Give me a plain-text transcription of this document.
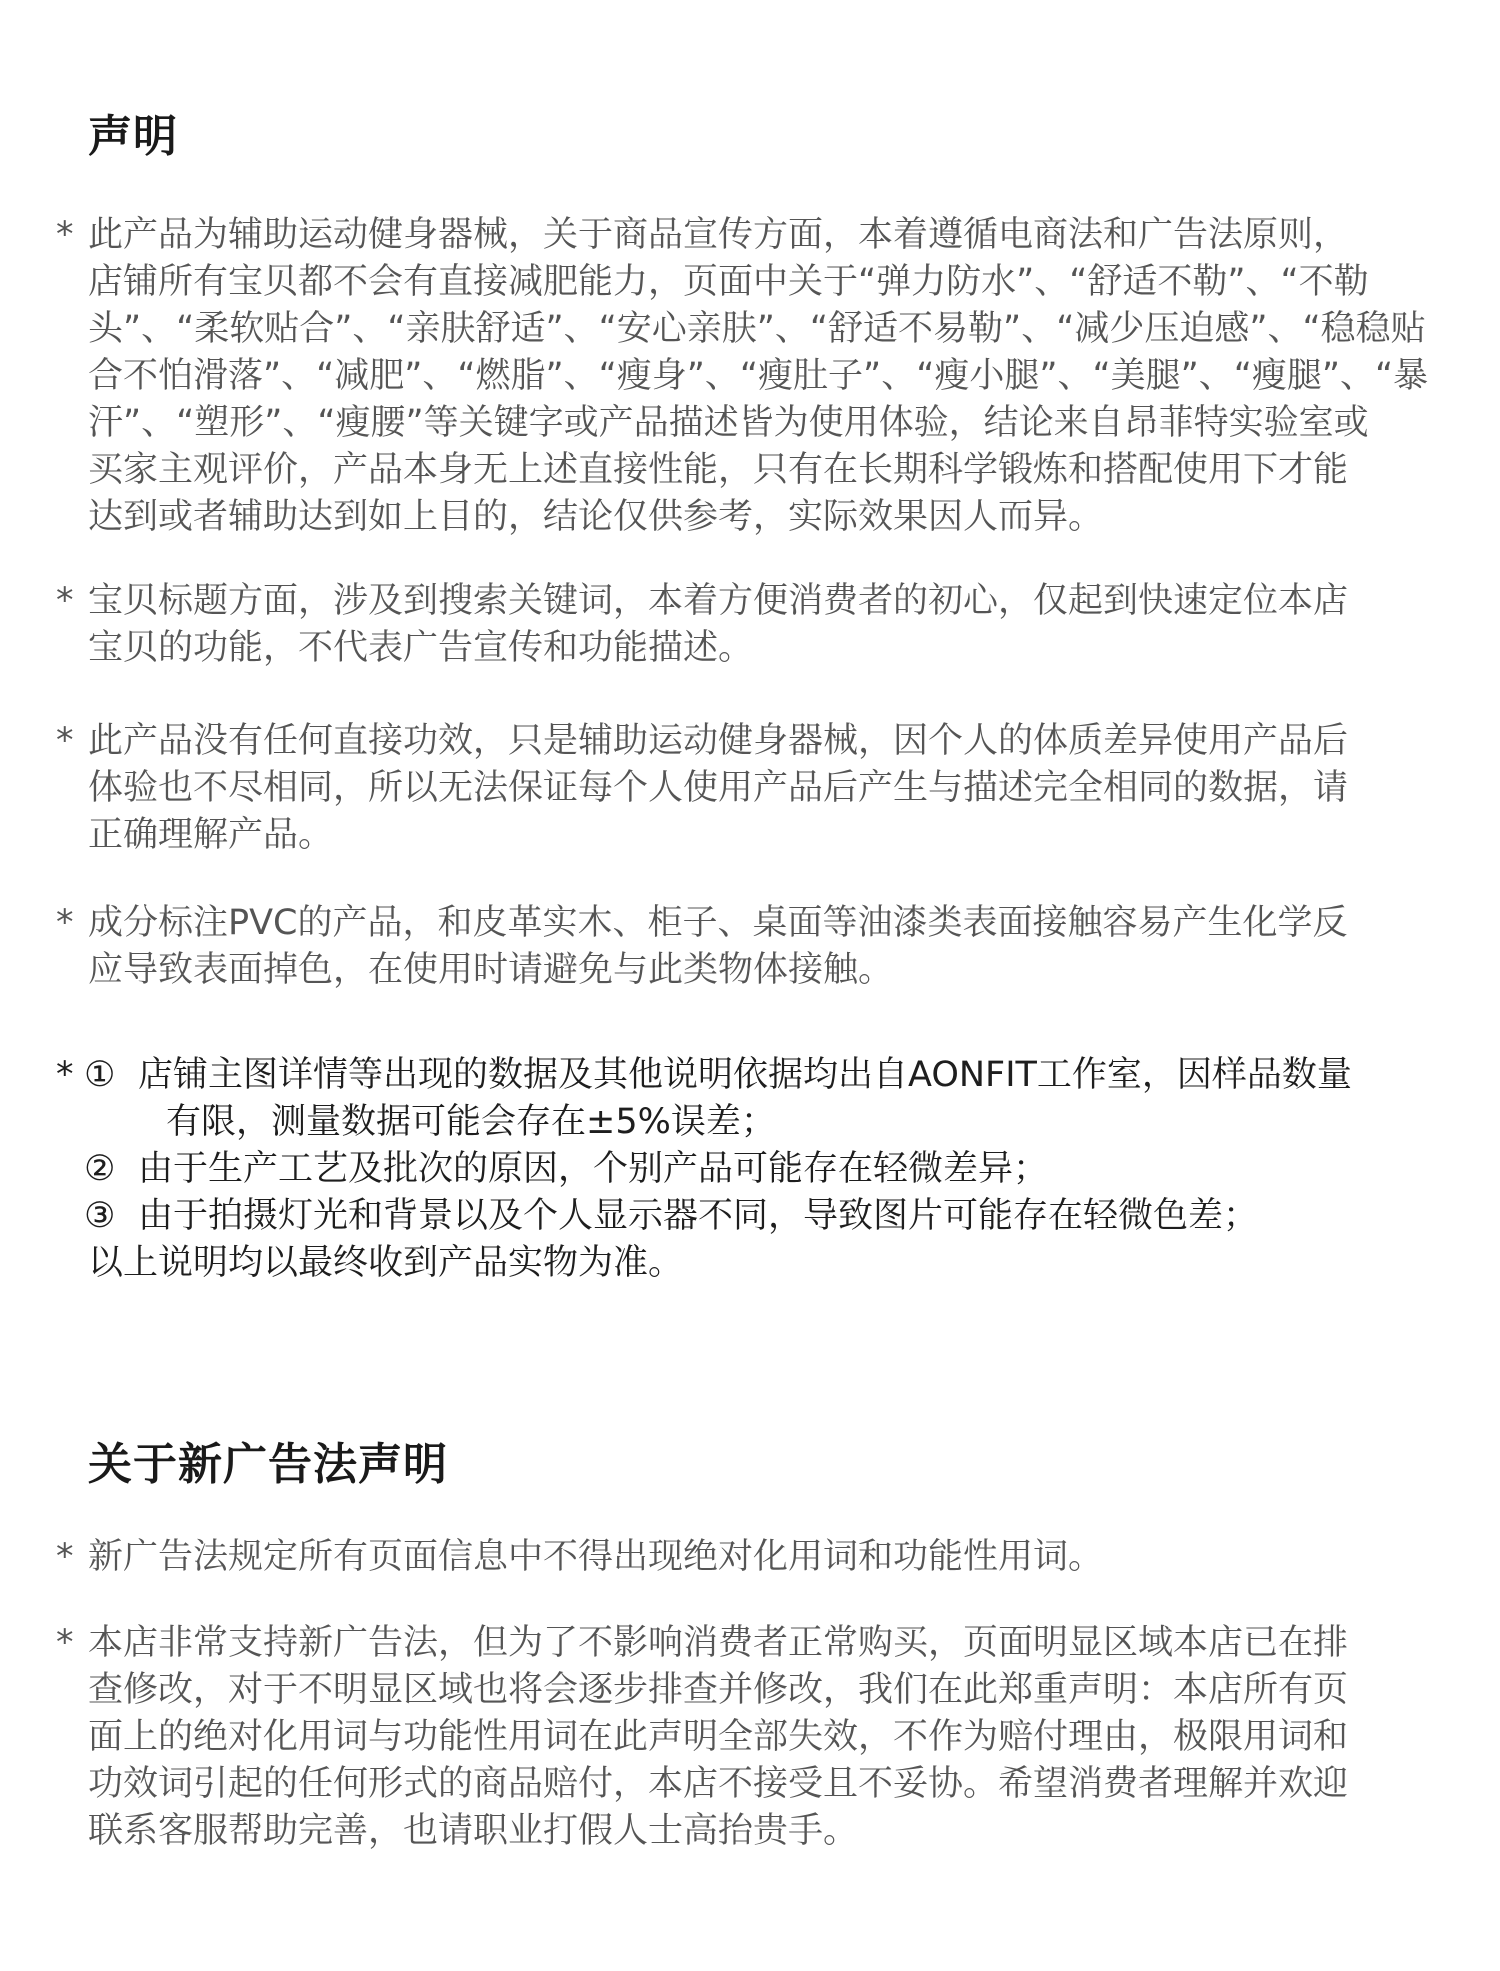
声明
* 此产品为辅助运动健身器械，关于商品宣传方面，本着遵循电商法和广告法原则，
店铺所有宝贝都不会有直接减肥能力，页面中关于“弹力防水”、“舒适不勒”、“不勒
头”、“柔软贴合”、“亲肤舒适”、“安心亲肤”、“舒适不易勒”、“减少压迫感”、“稳稳贴
合不怕滑落”、“减肥”、“燃脂”、“瘦身”、“瘦肚子”、“瘦小腿”、“美腿”、“瘦腿”、“暴
汗”、“塑形”、“瘦腰”等关键字或产品描述皆为使用体验，结论来自昂菲特实验室或
买家主观评价，产品本身无上述直接性能，只有在长期科学锻炼和搭配使用下才能
达到或者辅助达到如上目的，结论仅供参考，实际效果因人而异。
* 宝贝标题方面，涉及到搜索关键词，本着方便消费者的初心，仅起到快速定位本店
宝贝的功能，不代表广告宣传和功能描述。
* 此产品没有任何直接功效，只是辅助运动健身器械，因个人的体质差异使用产品后
体验也不尽相同，所以无法保证每个人使用产品后产生与描述完全相同的数据，请
正确理解产品。
* 成分标注PVC的产品，和皮革实木、柜子、桌面等油漆类表面接触容易产生化学反
应导致表面掉色，在使用时请避免与此类物体接触。
* ① 店铺主图详情等出现的数据及其他说明依据均出自AONFIT工作室，因样品数量
有限，测量数据可能会存在±5%误差；
② 由于生产工艺及批次的原因，个别产品可能存在轻微差异；
③ 由于拍摄灯光和背景以及个人显示器不同，导致图片可能存在轻微色差；
以上说明均以最终收到产品实物为准。
关于新广告法声明
* 新广告法规定所有页面信息中不得出现绝对化用词和功能性用词。
* 本店非常支持新广告法，但为了不影响消费者正常购买，页面明显区域本店已在排
查修改，对于不明显区域也将会逐步排查并修改，我们在此郑重声明：本店所有页
面上的绝对化用词与功能性用词在此声明全部失效，不作为赔付理由，极限用词和
功效词引起的任何形式的商品赔付，本店不接受且不妥协。希望消费者理解并欢迎
联系客服帮助完善，也请职业打假人士高抬贵手。
